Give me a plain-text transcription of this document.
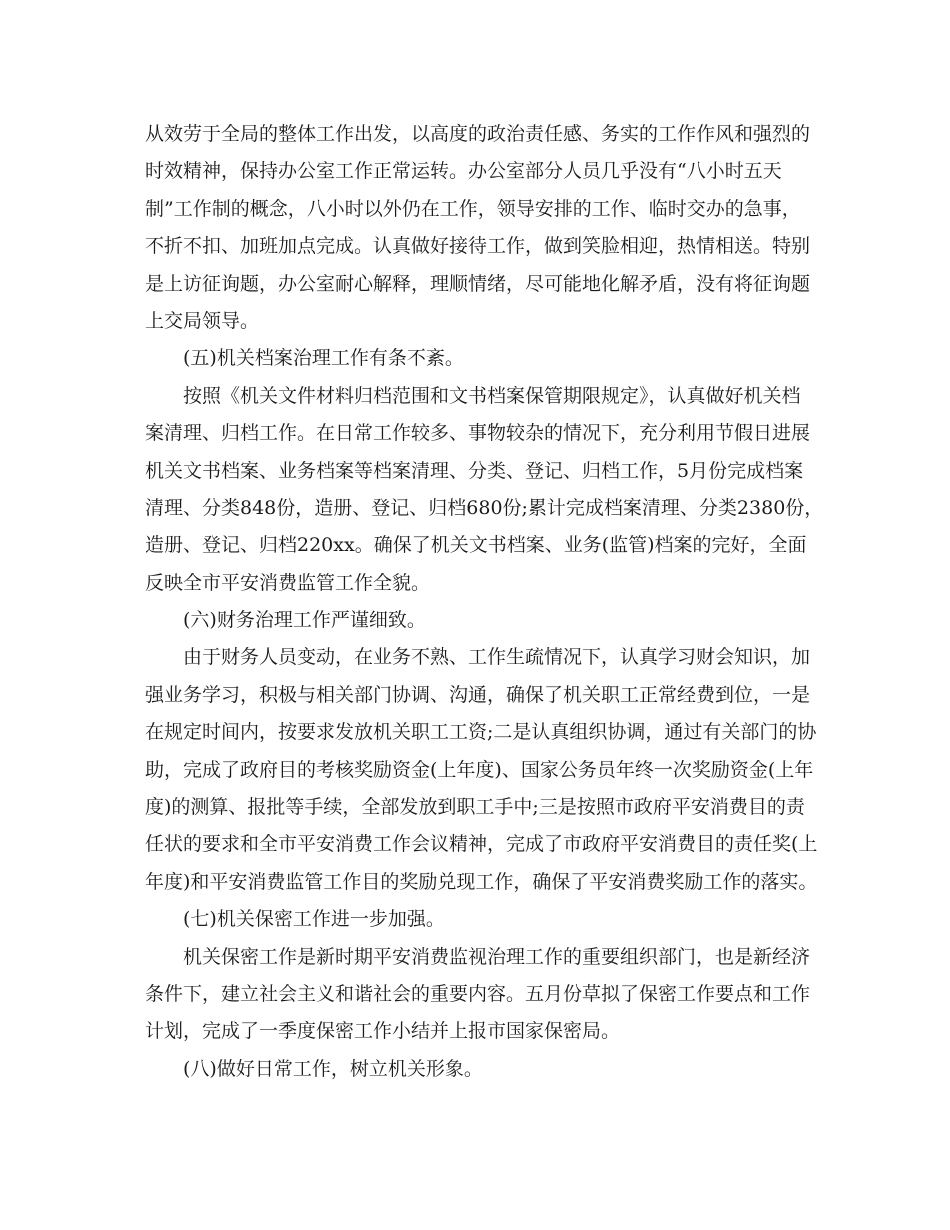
从效劳于全局的整体工作出发，以高度的政治责任感、务实的工作作风和强烈的
时效精神，保持办公室工作正常运转。办公室部分人员几乎没有“八小时五天
制”工作制的概念，八小时以外仍在工作，领导安排的工作、临时交办的急事，
不折不扣、加班加点完成。认真做好接待工作，做到笑脸相迎，热情相送。特别
是上访征询题，办公室耐心解释，理顺情绪，尽可能地化解矛盾，没有将征询题
上交局领导。
(五)机关档案治理工作有条不紊。
按照《机关文件材料归档范围和文书档案保管期限规定》，认真做好机关档
案清理、归档工作。在日常工作较多、事物较杂的情况下，充分利用节假日进展
机关文书档案、业务档案等档案清理、分类、登记、归档工作，5月份完成档案
清理、分类848份，造册、登记、归档680份;累计完成档案清理、分类2380份，
造册、登记、归档220xx。确保了机关文书档案、业务(监管)档案的完好，全面
反映全市平安消费监管工作全貌。
(六)财务治理工作严谨细致。
由于财务人员变动，在业务不熟、工作生疏情况下，认真学习财会知识，加
强业务学习，积极与相关部门协调、沟通，确保了机关职工正常经费到位，一是
在规定时间内，按要求发放机关职工工资;二是认真组织协调，通过有关部门的协
助，完成了政府目的考核奖励资金(上年度)、国家公务员年终一次奖励资金(上年
度)的测算、报批等手续，全部发放到职工手中;三是按照市政府平安消费目的责
任状的要求和全市平安消费工作会议精神，完成了市政府平安消费目的责任奖(上
年度)和平安消费监管工作目的奖励兑现工作，确保了平安消费奖励工作的落实。
(七)机关保密工作进一步加强。
机关保密工作是新时期平安消费监视治理工作的重要组织部门，也是新经济
条件下，建立社会主义和谐社会的重要内容。五月份草拟了保密工作要点和工作
计划，完成了一季度保密工作小结并上报市国家保密局。
(八)做好日常工作，树立机关形象。
